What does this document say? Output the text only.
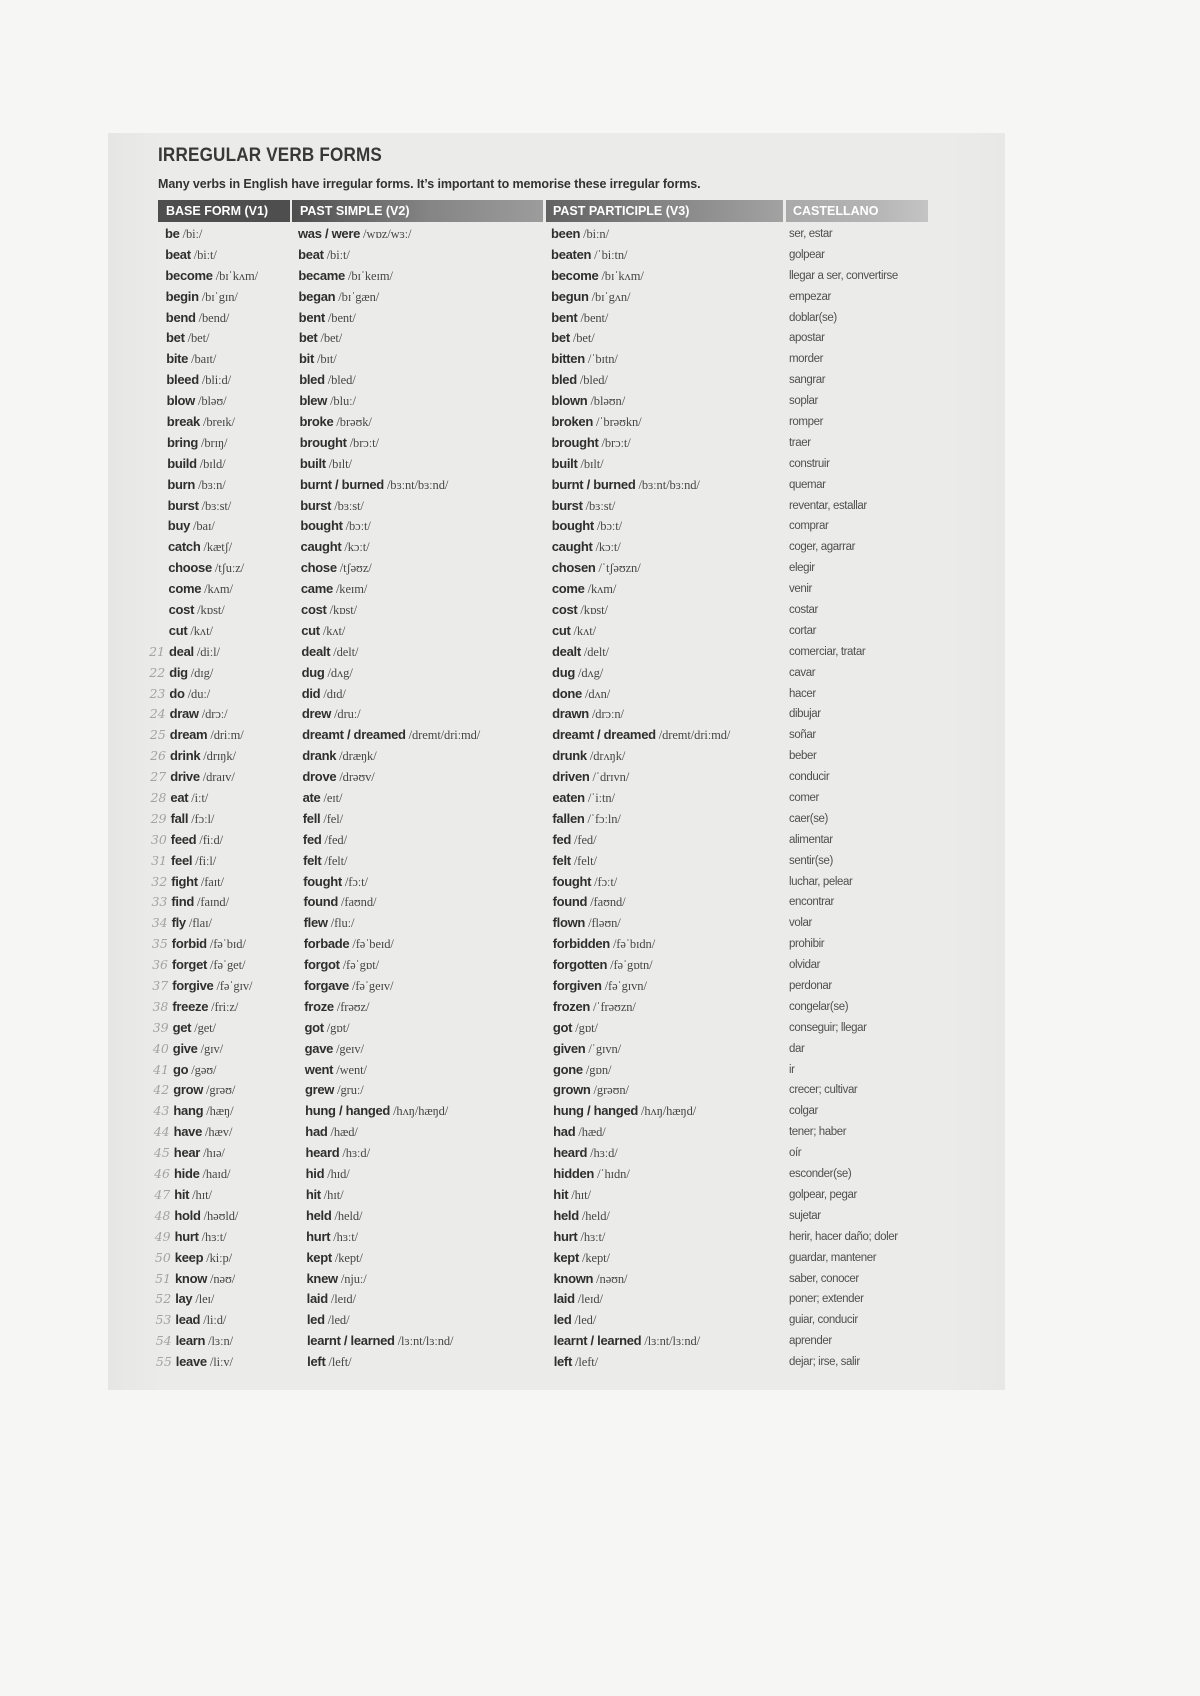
IRREGULAR VERB FORMS
Many verbs in English have irregular forms. It’s important to memorise these irregular forms.
BASE FORM (V1)	PAST SIMPLE (V2)	PAST PARTICIPLE (V3)	CASTELLANO
be /biː/	was / were /wɒz/wɜː/	been /biːn/	ser, estar
beat /biːt/	beat /biːt/	beaten /ˈbiːtn/	golpear
become /bɪˈkʌm/	became /bɪˈkeɪm/	become /bɪˈkʌm/	llegar a ser, convertirse
begin /bɪˈgɪn/	began /bɪˈgæn/	begun /bɪˈgʌn/	empezar
bend /bend/	bent /bent/	bent /bent/	doblar(se)
bet /bet/	bet /bet/	bet /bet/	apostar
bite /baɪt/	bit /bɪt/	bitten /ˈbɪtn/	morder
bleed /bliːd/	bled /bled/	bled /bled/	sangrar
blow /bləʊ/	blew /bluː/	blown /bləʊn/	soplar
break /breɪk/	broke /brəʊk/	broken /ˈbrəʊkn/	romper
bring /brɪŋ/	brought /brɔːt/	brought /brɔːt/	traer
build /bɪld/	built /bɪlt/	built /bɪlt/	construir
burn /bɜːn/	burnt / burned /bɜːnt/bɜːnd/	burnt / burned /bɜːnt/bɜːnd/	quemar
burst /bɜːst/	burst /bɜːst/	burst /bɜːst/	reventar, estallar
buy /baɪ/	bought /bɔːt/	bought /bɔːt/	comprar
catch /kætʃ/	caught /kɔːt/	caught /kɔːt/	coger, agarrar
choose /tʃuːz/	chose /tʃəʊz/	chosen /ˈtʃəʊzn/	elegir
come /kʌm/	came /keɪm/	come /kʌm/	venir
cost /kɒst/	cost /kɒst/	cost /kɒst/	costar
cut /kʌt/	cut /kʌt/	cut /kʌt/	cortar
21 deal /diːl/	dealt /delt/	dealt /delt/	comerciar, tratar
22 dig /dɪg/	dug /dʌg/	dug /dʌg/	cavar
23 do /duː/	did /dɪd/	done /dʌn/	hacer
24 draw /drɔː/	drew /druː/	drawn /drɔːn/	dibujar
25 dream /driːm/	dreamt / dreamed /dremt/driːmd/	dreamt / dreamed /dremt/driːmd/	soñar
26 drink /drɪŋk/	drank /dræŋk/	drunk /drʌŋk/	beber
27 drive /draɪv/	drove /drəʊv/	driven /ˈdrɪvn/	conducir
28 eat /iːt/	ate /eɪt/	eaten /ˈiːtn/	comer
29 fall /fɔːl/	fell /fel/	fallen /ˈfɔːln/	caer(se)
30 feed /fiːd/	fed /fed/	fed /fed/	alimentar
31 feel /fiːl/	felt /felt/	felt /felt/	sentir(se)
32 fight /faɪt/	fought /fɔːt/	fought /fɔːt/	luchar, pelear
33 find /faɪnd/	found /faʊnd/	found /faʊnd/	encontrar
34 fly /flaɪ/	flew /fluː/	flown /fləʊn/	volar
35 forbid /fəˈbɪd/	forbade /fəˈbeɪd/	forbidden /fəˈbɪdn/	prohibir
36 forget /fəˈget/	forgot /fəˈgɒt/	forgotten /fəˈgɒtn/	olvidar
37 forgive /fəˈgɪv/	forgave /fəˈgeɪv/	forgiven /fəˈgɪvn/	perdonar
38 freeze /friːz/	froze /frəʊz/	frozen /ˈfrəʊzn/	congelar(se)
39 get /get/	got /gɒt/	got /gɒt/	conseguir; llegar
40 give /gɪv/	gave /geɪv/	given /ˈgɪvn/	dar
41 go /gəʊ/	went /went/	gone /gɒn/	ir
42 grow /grəʊ/	grew /gruː/	grown /grəʊn/	crecer; cultivar
43 hang /hæŋ/	hung / hanged /hʌŋ/hæŋd/	hung / hanged /hʌŋ/hæŋd/	colgar
44 have /hæv/	had /hæd/	had /hæd/	tener; haber
45 hear /hɪə/	heard /hɜːd/	heard /hɜːd/	oír
46 hide /haɪd/	hid /hɪd/	hidden /ˈhɪdn/	esconder(se)
47 hit /hɪt/	hit /hɪt/	hit /hɪt/	golpear, pegar
48 hold /həʊld/	held /held/	held /held/	sujetar
49 hurt /hɜːt/	hurt /hɜːt/	hurt /hɜːt/	herir, hacer daño; doler
50 keep /kiːp/	kept /kept/	kept /kept/	guardar, mantener
51 know /nəʊ/	knew /njuː/	known /nəʊn/	saber, conocer
52 lay /leɪ/	laid /leɪd/	laid /leɪd/	poner; extender
53 lead /liːd/	led /led/	led /led/	guiar, conducir
54 learn /lɜːn/	learnt / learned /lɜːnt/lɜːnd/	learnt / learned /lɜːnt/lɜːnd/	aprender
55 leave /liːv/	left /left/	left /left/	dejar; irse, salir
